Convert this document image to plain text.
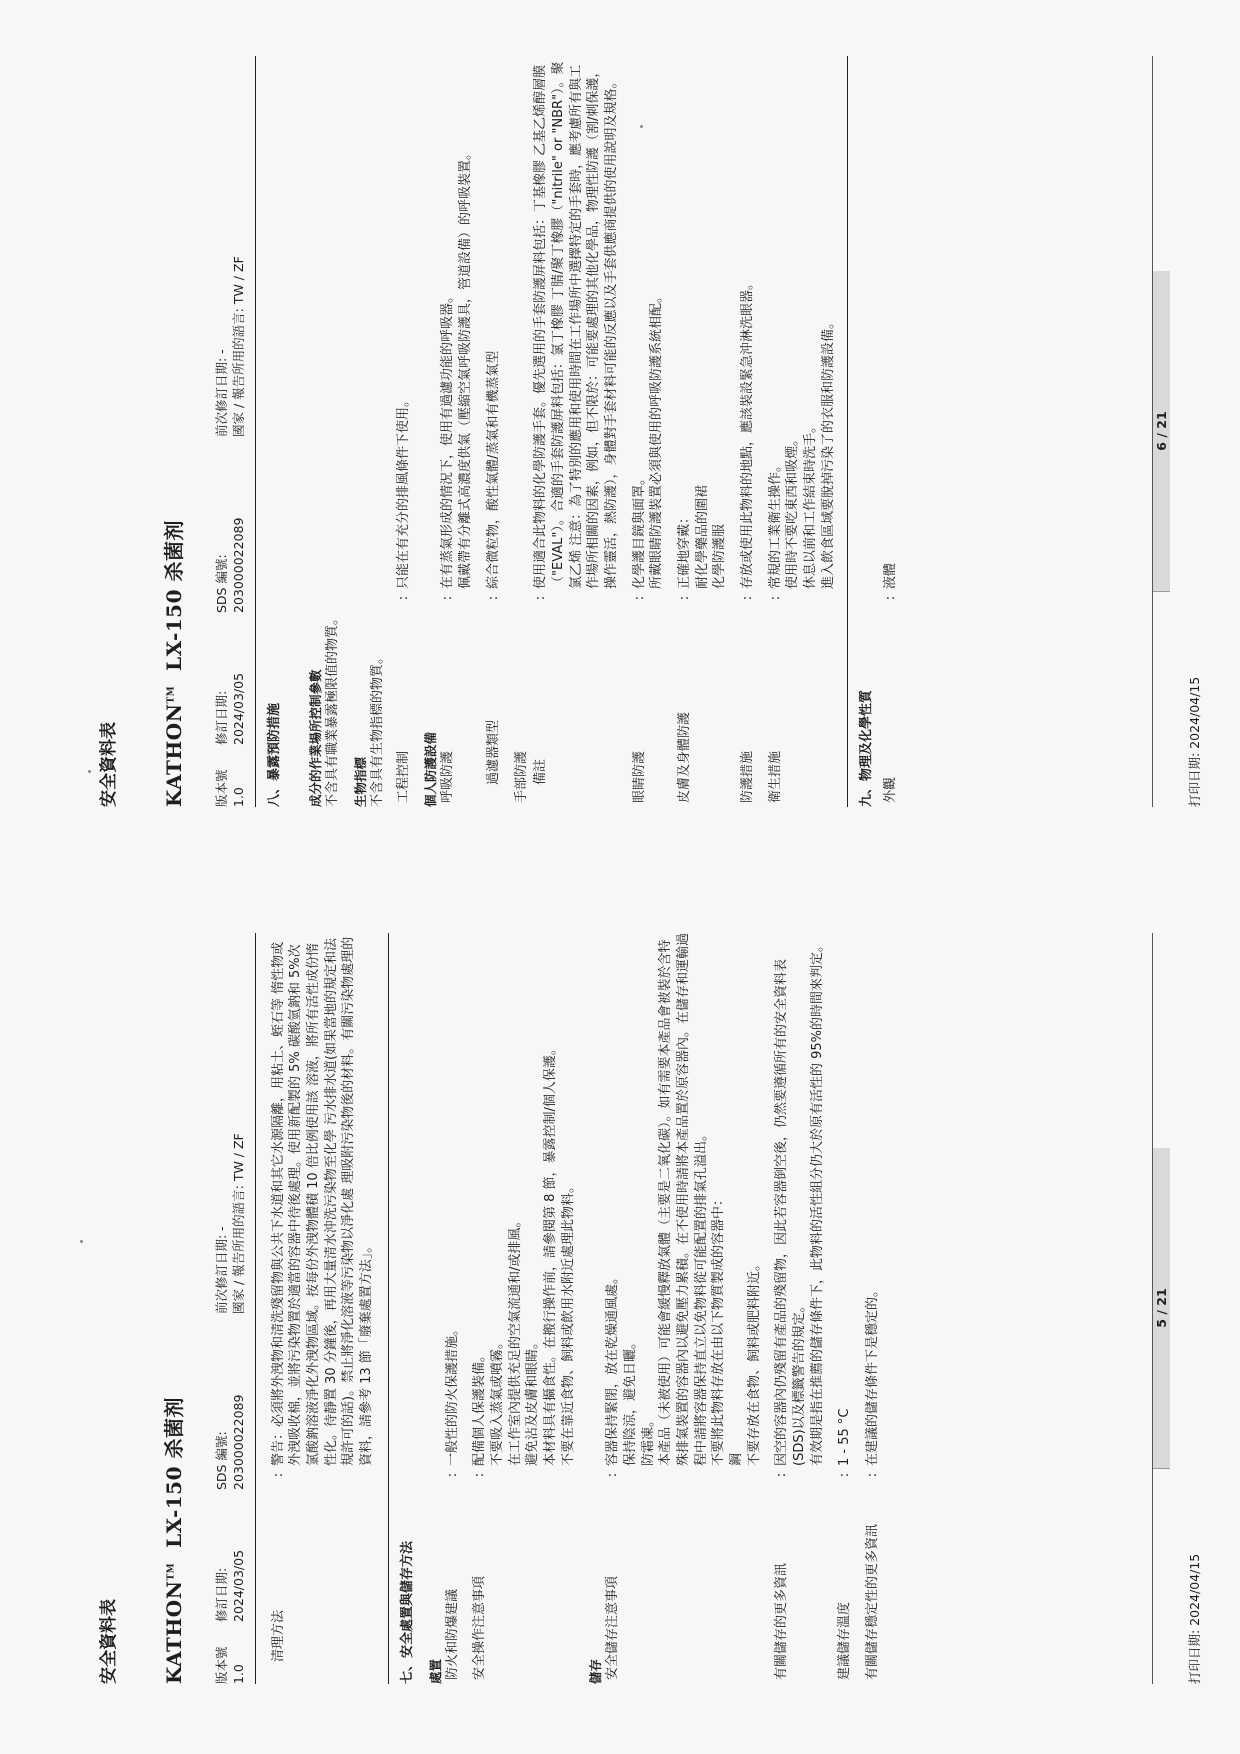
安全資料表 KATHON™  LX-150 杀菌剂
版本號
修訂日期:
SDS 編號:
前次修訂日期: -
1.0
2024/03/05
203000022089
國家 / 報告所用的語言: TW / ZF
清理方法
:
警告：必須將外洩物和清洗殘留物與公共下水道和其它水源隔離，用粘土、蛭石等 惰性物或外洩吸收棉，並將污染物置於適當的容器中待後處理。使用新配製的 5% 碳酸氫鈉和 5%次氯酸鈉溶液淨化外洩物區域。按每份外洩物體積 10 倍比例使用該 溶液，將所有活性成份惰性化。待靜置 30 分鐘後，再用大量清水沖洗污染物至化學 污水排水道(如果當地的規定和法規許可的話)。禁止將淨化溶液等污染物以淨化處 理吸附污染物後的材料。有關污染物處理的資料，請參考 13 節「廢棄處置方法」。
七、安全處置與儲存方法 處置 防火和防爆建議
:
一般性的防火保護措施。
安全操作注意事項
:
配備個人保護裝備。
不要吸入蒸氣或噴霧。
在工作室內提供充足的空氣流通和/或排風。
避免沾及皮膚和眼睛。
本材料具有攝食性。在搬行操作前，請參閱第 8 節，暴露控制/個人保護。
不要在靠近食物、飼料或飲用水附近處理此物料。
儲存 安全儲存注意事項
:
容器保持緊閉，放在乾燥通風處。
保持陰涼，避免日曬。
防霜凍。
本產品（未被使用）可能會緩慢釋放氣體（主要是二氧化碳）。如有需要本產品會被裝於含特殊排氣裝置的容器內以避免壓力累積。在不使用時請將本產品置於原容器內。在儲存和運輸過程中請將容器保持直立以免物料從可能配置的排氣孔溢出。
不要將此物料存放在由以下物質製成的容器中：
鋼
不要存放在食物、飼料或肥料附近。
有關儲存的更多資訊
:
因空的容器內仍殘留有產品的殘留物，因此若容器倒空後，仍然要遵循所有的安全資料表(SDS)以及標籤警告的規定。
有效期是指在推薦的儲存條件下，此物料的活性組分仍大於原有活性的 95%的時間來判定。
建議儲存溫度
:
1 - 55 °C
有關儲存穩定性的更多資訊
:
在建議的儲存條件下是穩定的。	5 / 21
打印日期: 2024/04/15
安全資料表 KATHON™  LX-150 杀菌剂
版本號
修訂日期:
SDS 編號:
前次修訂日期: -
1.0
2024/03/05
203000022089
國家 / 報告所用的語言: TW / ZF
八、暴露預防措施 成分的作業場所控制參數 不含具有職業暴露極限值的物質。 生物指標 不含具有生物指標的物質。 工程控制
:
只能在有充分的排風條件下使用。
個人防護設備 呼吸防護
:
在有蒸氣形成的情況下，使用有過濾功能的呼吸器。
佩戴帶有分離式高濃度供氣（壓縮空氣呼吸防護具，管道設備）的呼吸裝置。
過濾器類型
:
綜合微粒物，酸性氣體/蒸氣和有機蒸氣型
手部防護 備註
:
使用適合此物料的化學防護手套。優先選用的手套防護屏料包括：丁基橡膠 乙基乙烯醇層膜（"EVAL"）。合適的手套防護屏料包括：氯丁橡膠 丁腈/聚丁橡膠（"nitrile" or "NBR"）。聚氯乙烯 注意：為了特別的應用和使用時間在工作場所中選擇特定的手套時，應考慮所有與工作場所相關的因素，例如，但不限於：可能要處理的其他化學品，物理性防護（割/刺保護，操作靈活，熱防護），身體對手套材料可能的反應以及手套供應商提供的使用說明及規格。
眼睛防護
:
化學護目鏡與面罩。
所戴眼睛防護裝置必須與使用的呼吸防護系統相配。
皮膚及身體防護
:
正確地穿戴：
耐化學藥品的圍裙
化學防護服
防護措施
:
存放或使用此物料的地點，應該裝設緊急沖淋洗眼器。
衛生措施
:
常規的工業衛生操作。
使用時不要吃東西和吸煙。
休息以前和工作結束時洗手。
進入飲食區域要脫掉污染了的衣服和防護設備。
九、物理及化學性質 外觀
:
液體
6 / 21
打印日期: 2024/04/15
